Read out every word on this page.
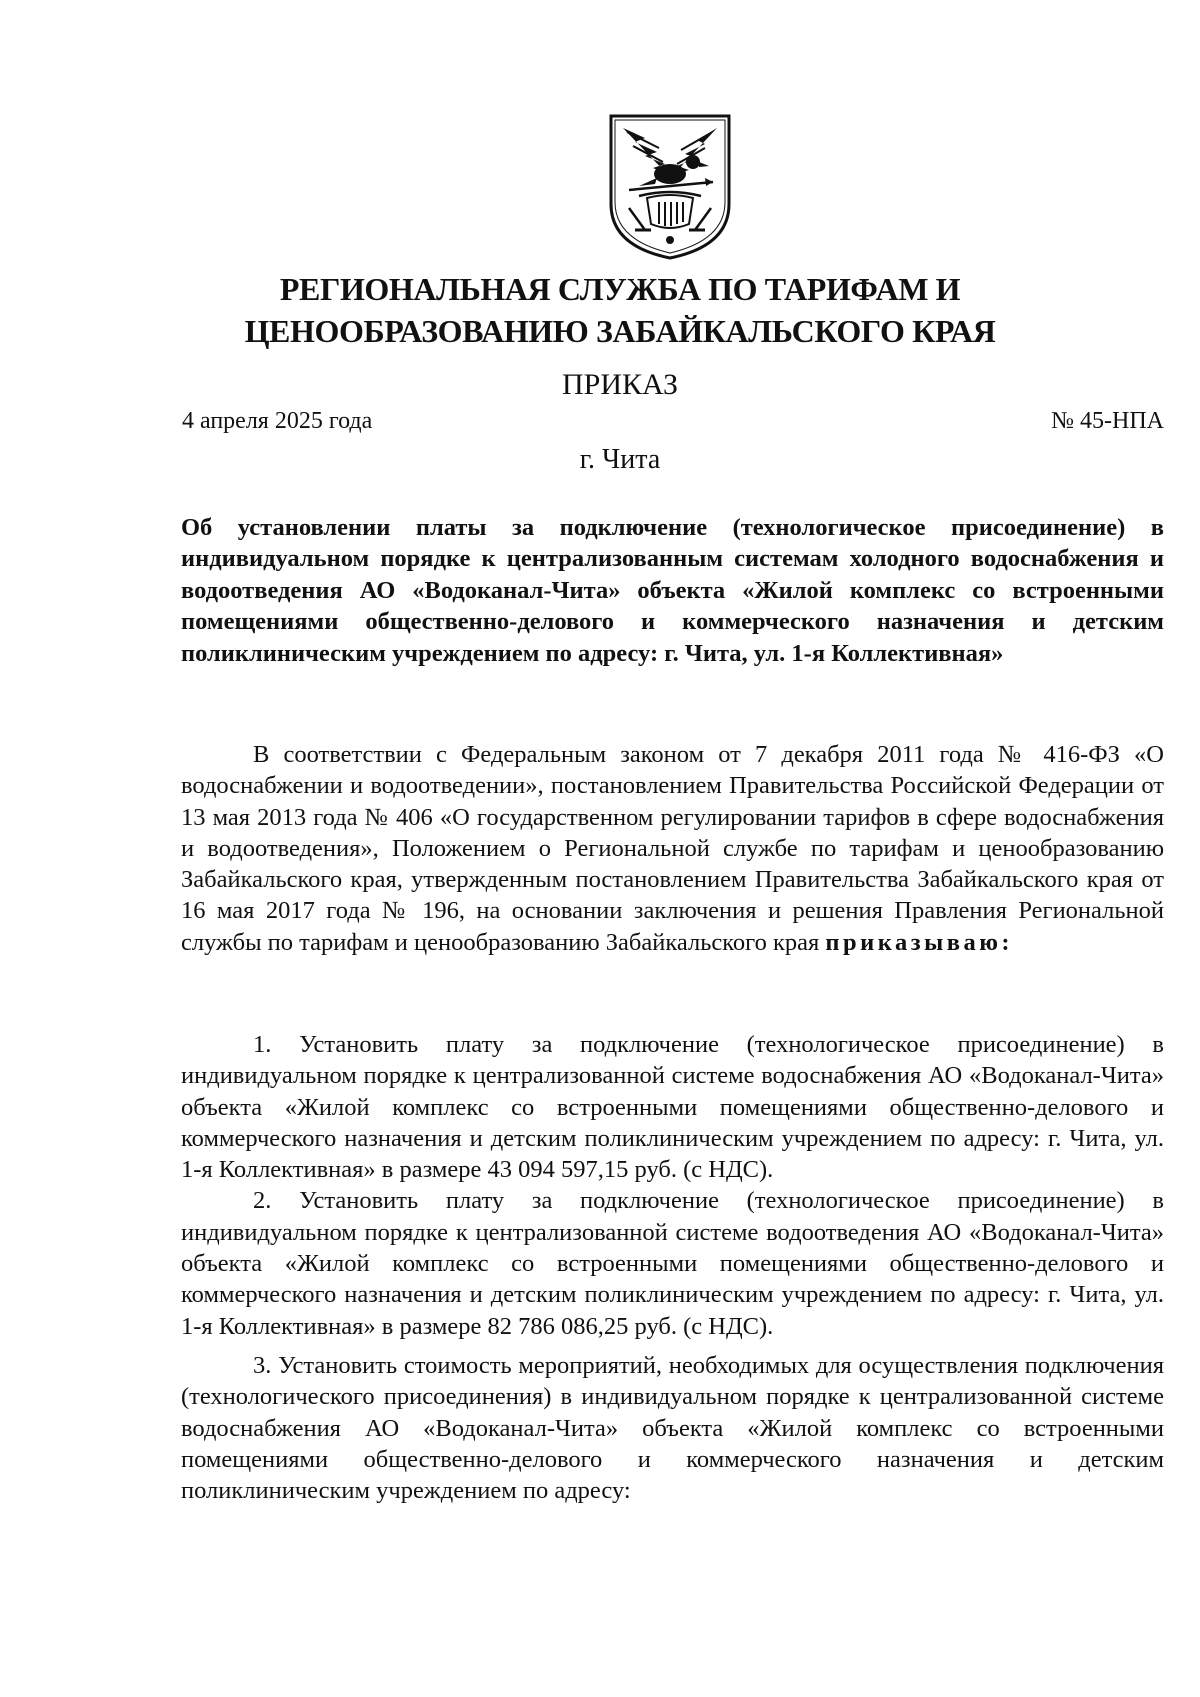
РЕГИОНАЛЬНАЯ СЛУЖБА ПО ТАРИФАМ И ЦЕНООБРАЗОВАНИЮ ЗАБАЙКАЛЬСКОГО КРАЯ
ПРИКАЗ
4 апреля 2025 года	№ 45-НПА
г. Чита
Об установлении платы за подключение (технологическое присоединение) в индивидуальном порядке к централизованным системам холодного водоснабжения и водоотведения АО «Водоканал-Чита» объекта «Жилой комплекс со встроенными помещениями общественно-делового и коммерческого назначения и детским поликлиническим учреждением по адресу: г. Чита, ул. 1-я Коллективная»

В соответствии с Федеральным законом от 7 декабря 2011 года № 416-ФЗ «О водоснабжении и водоотведении», постановлением Правительства Российской Федерации от 13 мая 2013 года № 406 «О государственном регулировании тарифов в сфере водоснабжения и водоотведения», Положением о Региональной службе по тарифам и ценообразованию Забайкальского края, утвержденным постановлением Правительства Забайкальского края от 16 мая 2017 года № 196, на основании заключения и решения Правления Региональной службы по тарифам и ценообразованию Забайкальского края приказываю:

1. Установить плату за подключение (технологическое присоединение) в индивидуальном порядке к централизованной системе водоснабжения АО «Водоканал-Чита» объекта «Жилой комплекс со встроенными помещениями общественно-делового и коммерческого назначения и детским поликлиническим учреждением по адресу: г. Чита, ул. 1-я Коллективная» в размере 43 094 597,15 руб. (с НДС).

2. Установить плату за подключение (технологическое присоединение) в индивидуальном порядке к централизованной системе водоотведения АО «Водоканал-Чита» объекта «Жилой комплекс со встроенными помещениями общественно-делового и коммерческого назначения и детским поликлиническим учреждением по адресу: г. Чита, ул. 1-я Коллективная» в размере 82 786 086,25 руб. (с НДС).

3. Установить стоимость мероприятий, необходимых для осуществления подключения (технологического присоединения) в индивидуальном порядке к централизованной системе водоснабжения АО «Водоканал-Чита» объекта «Жилой комплекс со встроенными помещениями общественно-делового и коммерческого назначения и детским поликлиническим учреждением по адресу:
